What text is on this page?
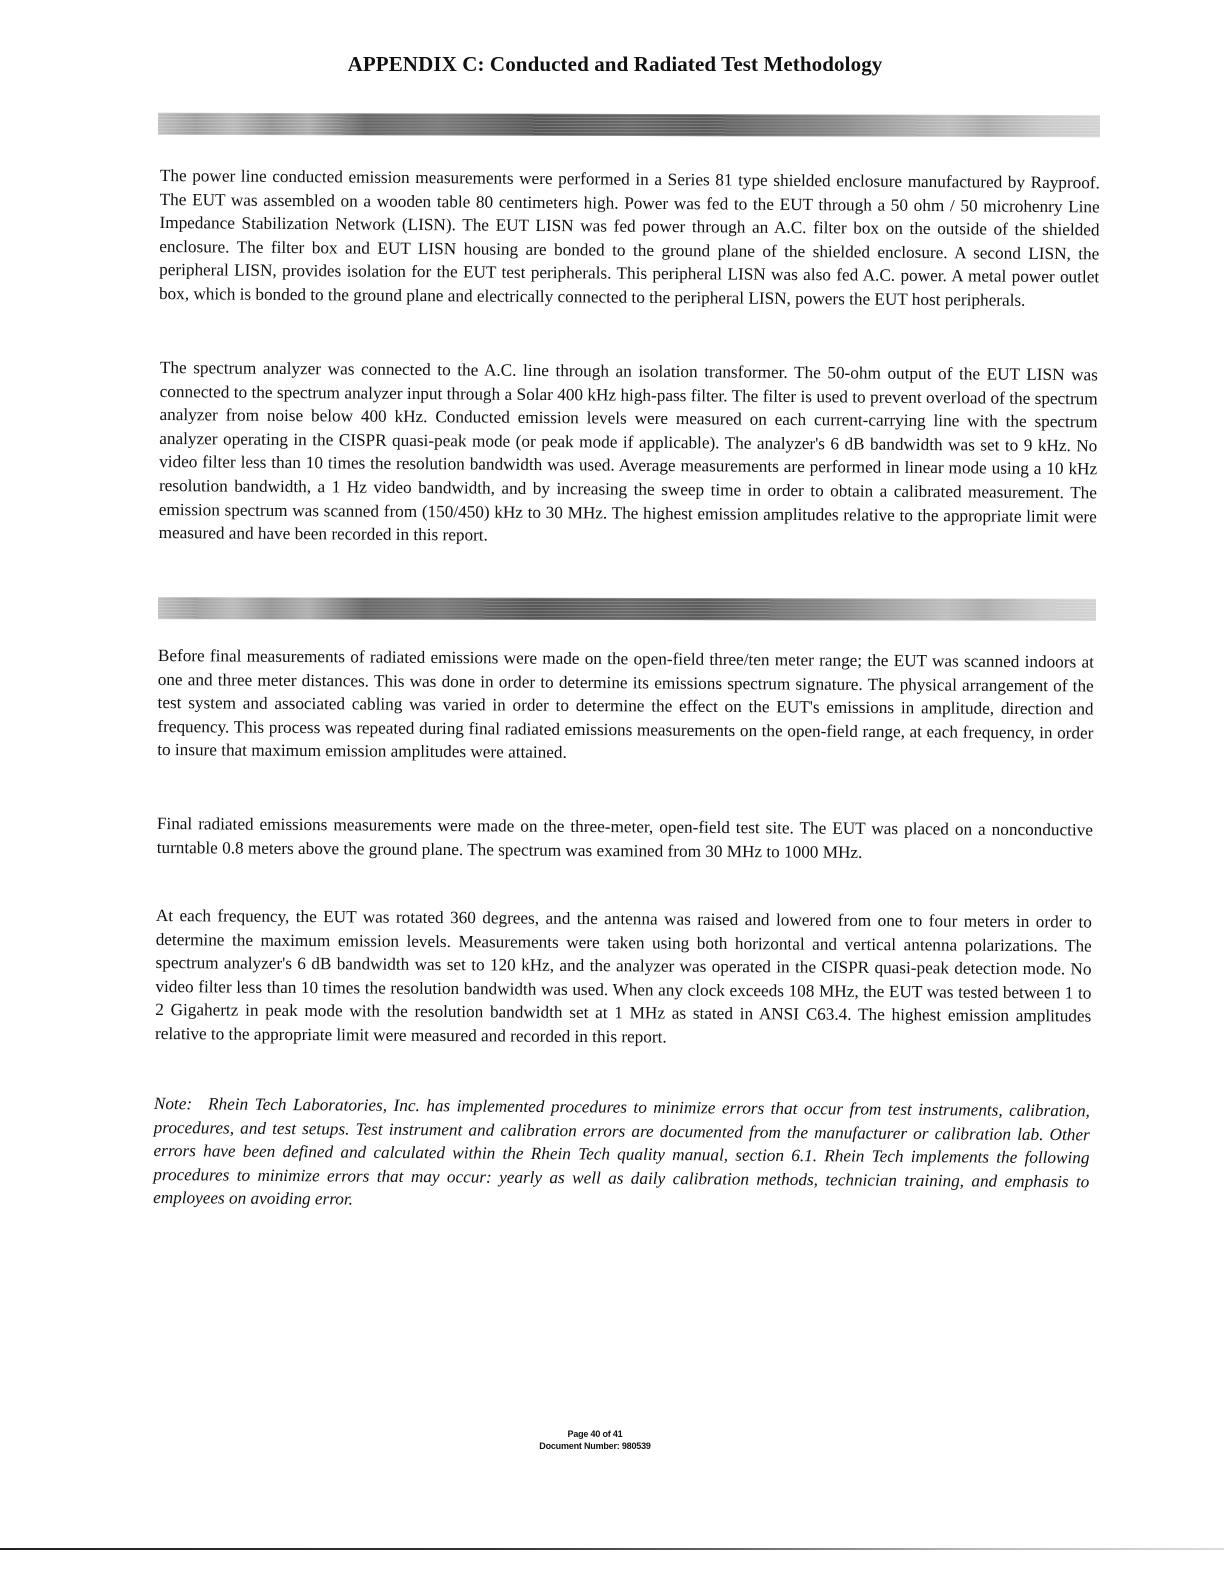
APPENDIX C: Conducted and Radiated Test Methodology

The power line conducted emission measurements were performed in a Series 81 type shielded enclosure manufactured by Rayproof. The EUT was assembled on a wooden table 80 centimeters high. Power was fed to the EUT through a 50 ohm / 50 microhenry Line Impedance Stabilization Network (LISN). The EUT LISN was fed power through an A.C. filter box on the outside of the shielded enclosure. The filter box and EUT LISN housing are bonded to the ground plane of the shielded enclosure. A second LISN, the peripheral LISN, provides isolation for the EUT test peripherals. This peripheral LISN was also fed A.C. power. A metal power outlet box, which is bonded to the ground plane and electrically connected to the peripheral LISN, powers the EUT host peripherals.

The spectrum analyzer was connected to the A.C. line through an isolation transformer. The 50-ohm output of the EUT LISN was connected to the spectrum analyzer input through a Solar 400 kHz high-pass filter. The filter is used to prevent overload of the spectrum analyzer from noise below 400 kHz. Conducted emission levels were measured on each current-carrying line with the spectrum analyzer operating in the CISPR quasi-peak mode (or peak mode if applicable). The analyzer's 6 dB bandwidth was set to 9 kHz. No video filter less than 10 times the resolution bandwidth was used. Average measurements are performed in linear mode using a 10 kHz resolution bandwidth, a 1 Hz video bandwidth, and by increasing the sweep time in order to obtain a calibrated measurement. The emission spectrum was scanned from (150/450) kHz to 30 MHz. The highest emission amplitudes relative to the appropriate limit were measured and have been recorded in this report.

Before final measurements of radiated emissions were made on the open-field three/ten meter range; the EUT was scanned indoors at one and three meter distances. This was done in order to determine its emissions spectrum signature. The physical arrangement of the test system and associated cabling was varied in order to determine the effect on the EUT's emissions in amplitude, direction and frequency. This process was repeated during final radiated emissions measurements on the open-field range, at each frequency, in order to insure that maximum emission amplitudes were attained.

Final radiated emissions measurements were made on the three-meter, open-field test site. The EUT was placed on a nonconductive turntable 0.8 meters above the ground plane. The spectrum was examined from 30 MHz to 1000 MHz.

At each frequency, the EUT was rotated 360 degrees, and the antenna was raised and lowered from one to four meters in order to determine the maximum emission levels. Measurements were taken using both horizontal and vertical antenna polarizations. The spectrum analyzer's 6 dB bandwidth was set to 120 kHz, and the analyzer was operated in the CISPR quasi-peak detection mode. No video filter less than 10 times the resolution bandwidth was used. When any clock exceeds 108 MHz, the EUT was tested between 1 to 2 Gigahertz in peak mode with the resolution bandwidth set at 1 MHz as stated in ANSI C63.4. The highest emission amplitudes relative to the appropriate limit were measured and recorded in this report.

Note: Rhein Tech Laboratories, Inc. has implemented procedures to minimize errors that occur from test instruments, calibration, procedures, and test setups. Test instrument and calibration errors are documented from the manufacturer or calibration lab. Other errors have been defined and calculated within the Rhein Tech quality manual, section 6.1. Rhein Tech implements the following procedures to minimize errors that may occur: yearly as well as daily calibration methods, technician training, and emphasis to employees on avoiding error.

Page 40 of 41
Document Number: 980539
